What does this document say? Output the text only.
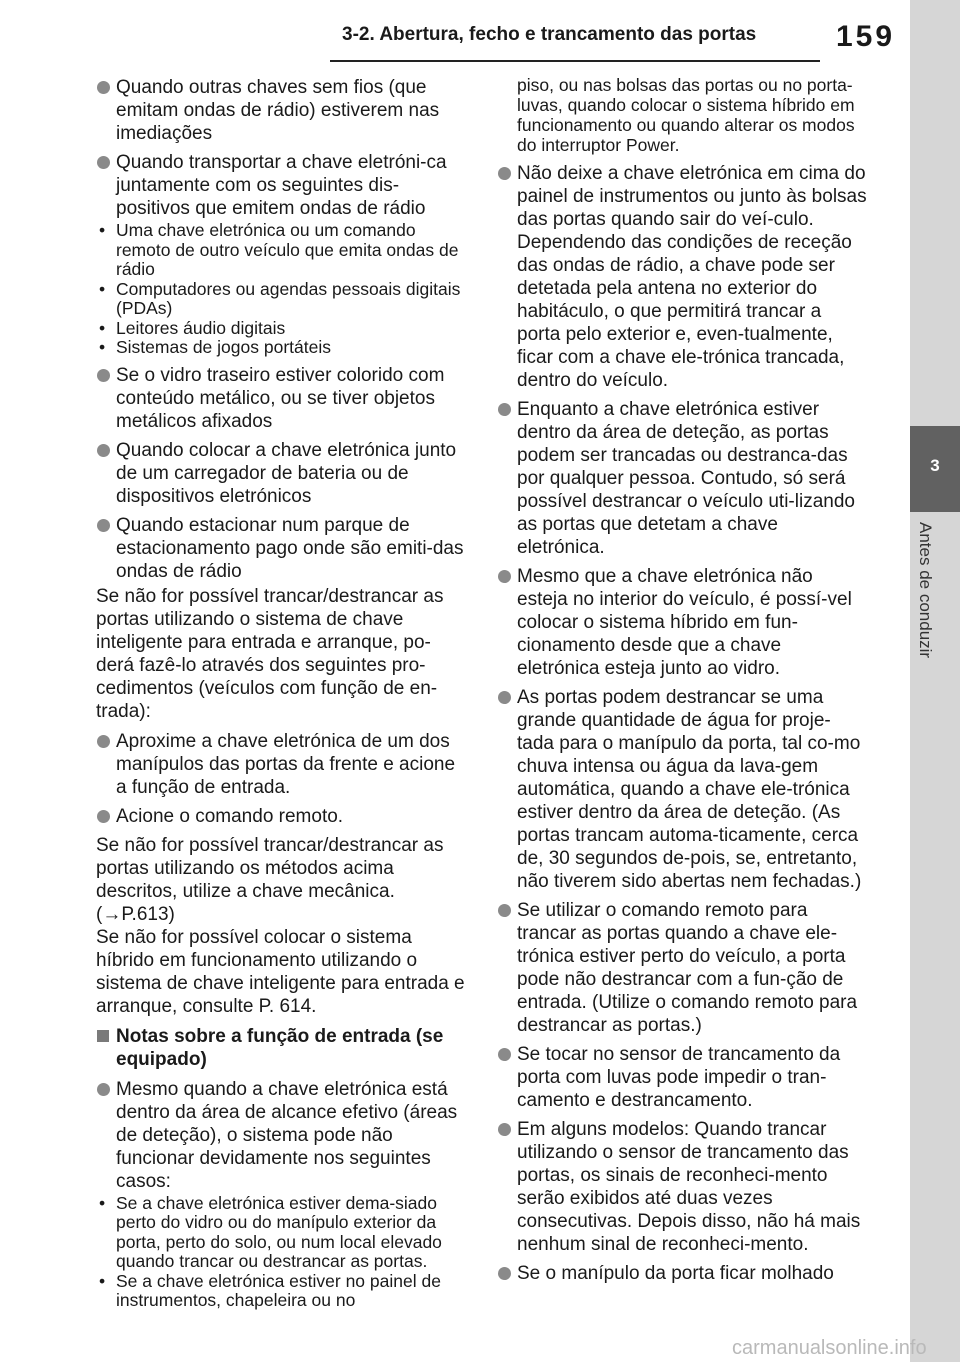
3-2. Abertura, fecho e trancamento das portas	159
3
Antes de conduzir
Quando outras chaves sem fios (que emitam ondas de rádio) estiverem nas imediações
Quando transportar a chave eletróni-ca juntamente com os seguintes dis-positivos que emitem ondas de rádio
• Uma chave eletrónica ou um comando remoto de outro veículo que emita ondas de rádio
• Computadores ou agendas pessoais digitais (PDAs)
• Leitores áudio digitais
• Sistemas de jogos portáteis
Se o vidro traseiro estiver colorido com conteúdo metálico, ou se tiver objetos metálicos afixados
Quando colocar a chave eletrónica junto de um carregador de bateria ou de dispositivos eletrónicos
Quando estacionar num parque de estacionamento pago onde são emiti-das ondas de rádio
Se não for possível trancar/destrancar as portas utilizando o sistema de chave inteligente para entrada e arranque, po-derá fazê-lo através dos seguintes pro-cedimentos (veículos com função de en-trada):
Aproxime a chave eletrónica de um dos manípulos das portas da frente e acione a função de entrada.
Acione o comando remoto.
Se não for possível trancar/destrancar as portas utilizando os métodos acima descritos, utilize a chave mecânica. (→P.613)
Se não for possível colocar o sistema híbrido em funcionamento utilizando o sistema de chave inteligente para entrada e arranque, consulte P. 614.
Notas sobre a função de entrada (se equipado)
Mesmo quando a chave eletrónica está dentro da área de alcance efetivo (áreas de deteção), o sistema pode não funcionar devidamente nos seguintes casos:
• Se a chave eletrónica estiver dema-siado perto do vidro ou do manípulo exterior da porta, perto do solo, ou num local elevado quando trancar ou destrancar as portas.
• Se a chave eletrónica estiver no painel de instrumentos, chapeleira ou no
piso, ou nas bolsas das portas ou no porta-luvas, quando colocar o sistema híbrido em funcionamento ou quando alterar os modos do interruptor Power.
Não deixe a chave eletrónica em cima do painel de instrumentos ou junto às bolsas das portas quando sair do veí-culo. Dependendo das condições de receção das ondas de rádio, a chave pode ser detetada pela antena no exterior do habitáculo, o que permitirá trancar a porta pelo exterior e, even-tualmente, ficar com a chave ele-trónica trancada, dentro do veículo.
Enquanto a chave eletrónica estiver dentro da área de deteção, as portas podem ser trancadas ou destranca-das por qualquer pessoa. Contudo, só será possível destrancar o veículo uti-lizando as portas que detetam a chave eletrónica.
Mesmo que a chave eletrónica não esteja no interior do veículo, é possí-vel colocar o sistema híbrido em fun-cionamento desde que a chave eletrónica esteja junto ao vidro.
As portas podem destrancar se uma grande quantidade de água for proje-tada para o manípulo da porta, tal co-mo chuva intensa ou água da lava-gem automática, quando a chave ele-trónica estiver dentro da área de deteção. (As portas trancam automa-ticamente, cerca de, 30 segundos de-pois, se, entretanto, não tiverem sido abertas nem fechadas.)
Se utilizar o comando remoto para trancar as portas quando a chave ele-trónica estiver perto do veículo, a porta pode não destrancar com a fun-ção de entrada. (Utilize o comando remoto para destrancar as portas.)
Se tocar no sensor de trancamento da porta com luvas pode impedir o tran-camento e destrancamento.
Em alguns modelos: Quando trancar utilizando o sensor de trancamento das portas, os sinais de reconheci-mento serão exibidos até duas vezes consecutivas. Depois disso, não há mais nenhum sinal de reconheci-mento.
Se o manípulo da porta ficar molhado
carmanualsonline.info
